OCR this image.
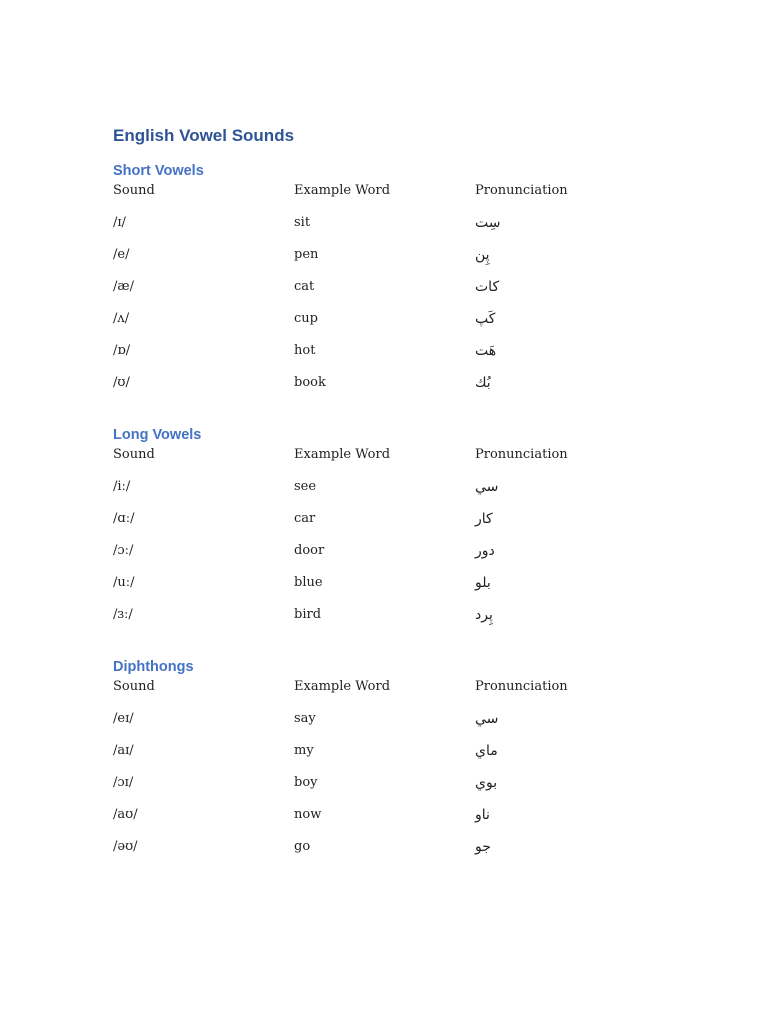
English Vowel Sounds
Short Vowels
Sound	Example Word	Pronunciation
/ɪ/	sit	سِت
/e/	pen	پِن
/æ/	cat	كات
/ʌ/	cup	كَپ
/ɒ/	hot	هَت
/ʊ/	book	بُك
Long Vowels
Sound	Example Word	Pronunciation
/iː/	see	سي
/ɑː/	car	كار
/ɔː/	door	دور
/uː/	blue	بلو
/ɜː/	bird	پِرد
Diphthongs
Sound	Example Word	Pronunciation
/eɪ/	say	سي
/aɪ/	my	ماي
/ɔɪ/	boy	بوي
/aʊ/	now	ناو
/əʊ/	go	جو
